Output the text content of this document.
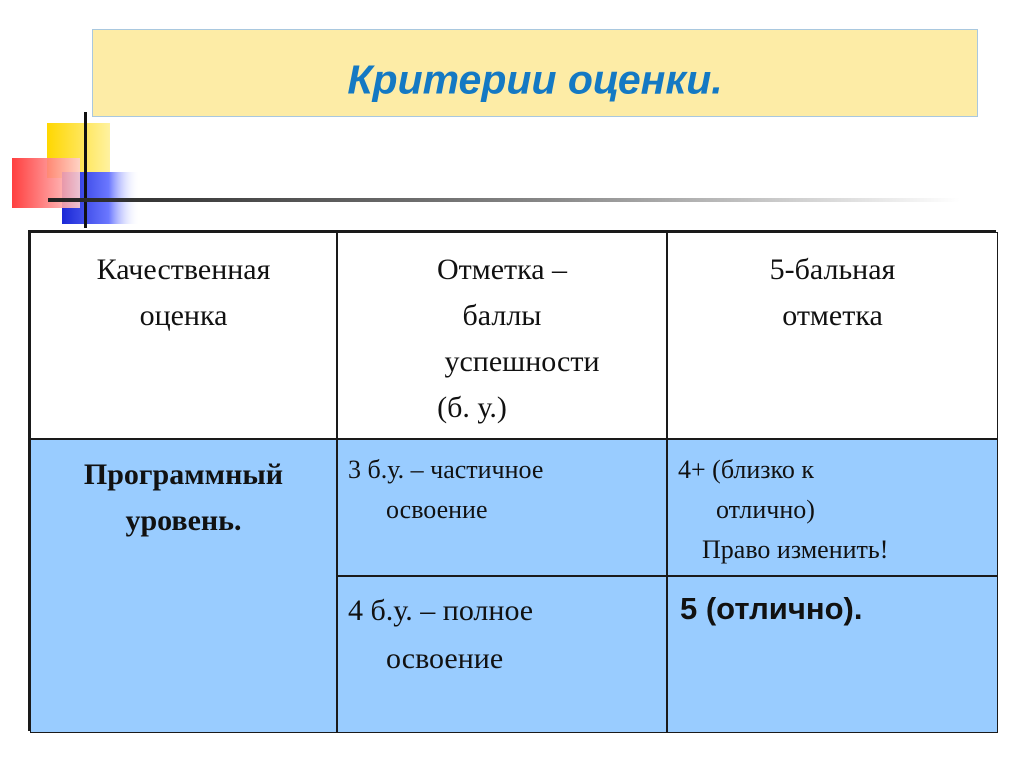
Критерии оценки.
Качественная
оценка
Отметка –
баллы
успешности
(б. у.)
5-бальная
отметка
Программный
уровень.
3 б.у. – частичное
освоение
4+ (близко к
отлично)
Право изменить!
4 б.у. – полное
освоение
5 (отлично).
